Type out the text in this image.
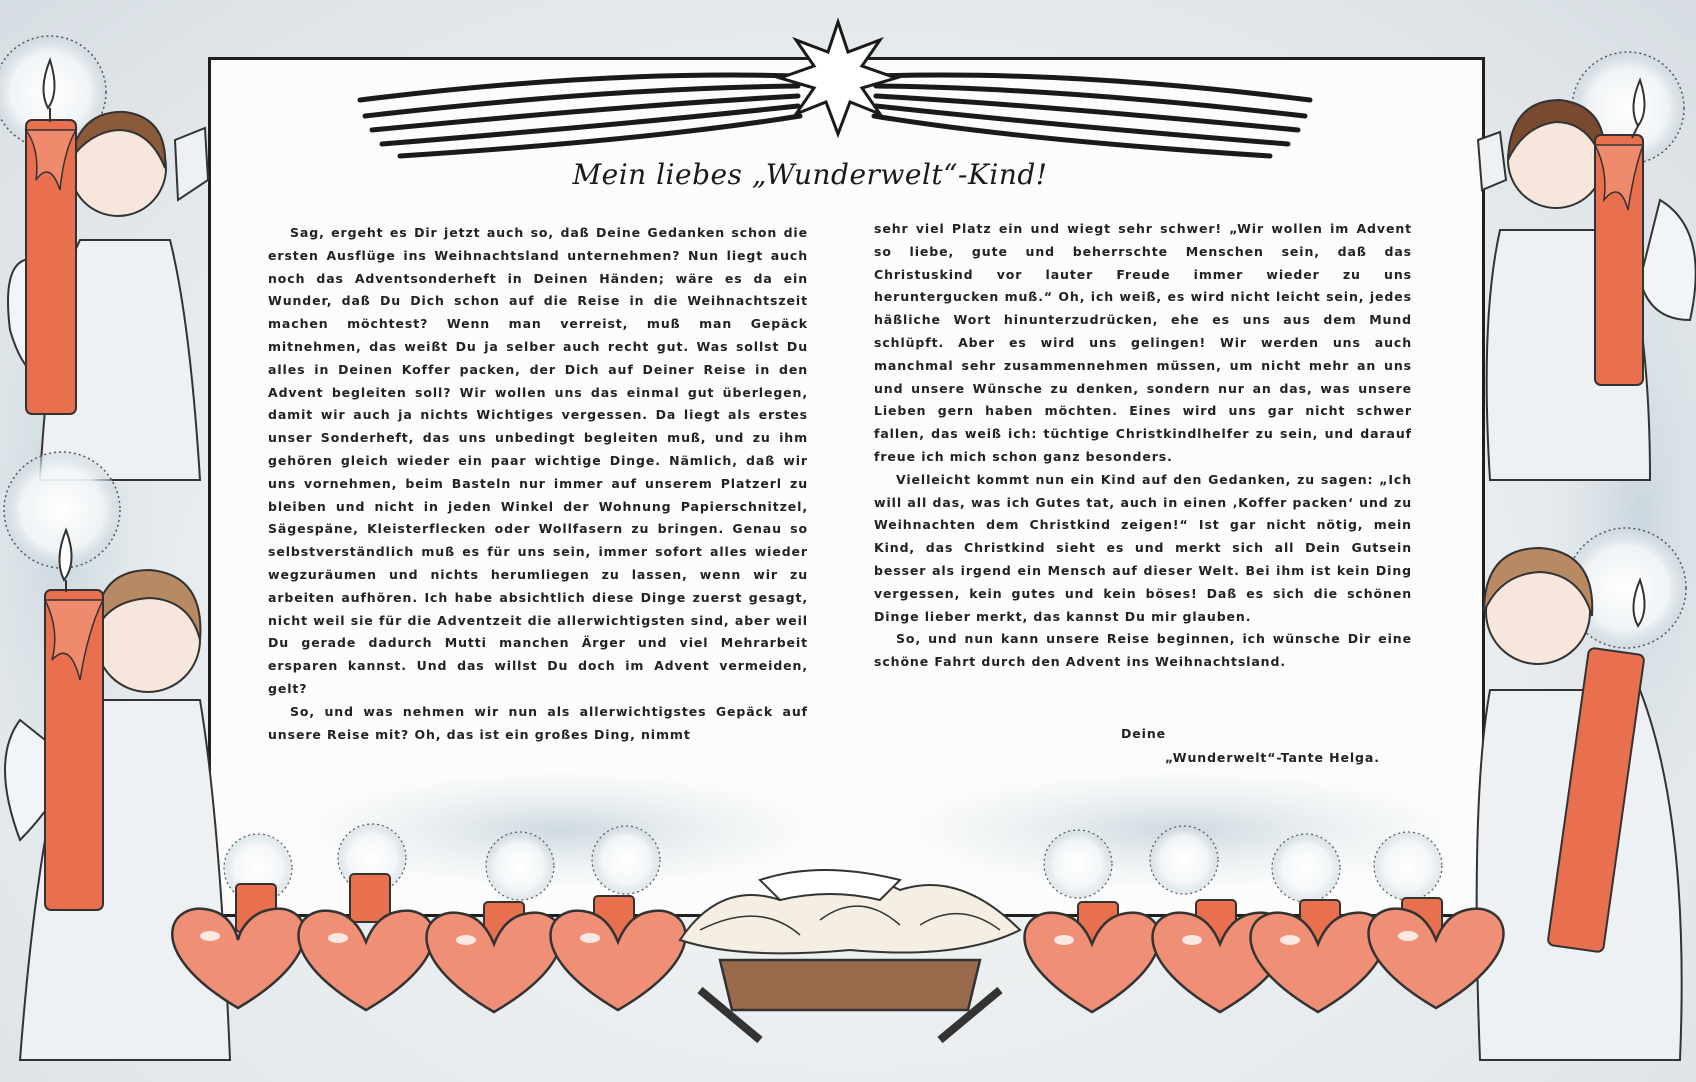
Mein liebes „Wunderwelt“-Kind!

Sag, ergeht es Dir jetzt auch so, daß Deine Gedanken schon die ersten Ausflüge ins Weihnachtsland unternehmen? Nun liegt auch noch das Adventsonderheft in Deinen Händen; wäre es da ein Wunder, daß Du Dich schon auf die Reise in die Weihnachtszeit machen möchtest? Wenn man verreist, muß man Gepäck mitnehmen, das weißt Du ja selber auch recht gut. Was sollst Du alles in Deinen Koffer packen, der Dich auf Deiner Reise in den Advent begleiten soll? Wir wollen uns das einmal gut überlegen, damit wir auch ja nichts Wichtiges vergessen. Da liegt als erstes unser Sonderheft, das uns unbedingt begleiten muß, und zu ihm gehören gleich wieder ein paar wichtige Dinge. Nämlich, daß wir uns vornehmen, beim Basteln nur immer auf unserem Platzerl zu bleiben und nicht in jeden Winkel der Wohnung Papierschnitzel, Sägespäne, Kleisterflecken oder Wollfasern zu bringen. Genau so selbstverständlich muß es für uns sein, immer sofort alles wieder wegzuräumen und nichts herumliegen zu lassen, wenn wir zu arbeiten aufhören. Ich habe absichtlich diese Dinge zuerst gesagt, nicht weil sie für die Adventzeit die allerwichtigsten sind, aber weil Du gerade dadurch Mutti manchen Ärger und viel Mehrarbeit ersparen kannst. Und das willst Du doch im Advent vermeiden, gelt?

So, und was nehmen wir nun als allerwichtigstes Gepäck auf unsere Reise mit? Oh, das ist ein großes Ding, nimmt

sehr viel Platz ein und wiegt sehr schwer! „Wir wollen im Advent so liebe, gute und beherrschte Menschen sein, daß das Christuskind vor lauter Freude immer wieder zu uns heruntergucken muß.“ Oh, ich weiß, es wird nicht leicht sein, jedes häßliche Wort hinunterzudrücken, ehe es uns aus dem Mund schlüpft. Aber es wird uns gelingen! Wir werden uns auch manchmal sehr zusammennehmen müssen, um nicht mehr an uns und unsere Wünsche zu denken, sondern nur an das, was unsere Lieben gern haben möchten. Eines wird uns gar nicht schwer fallen, das weiß ich: tüchtige Christkindlhelfer zu sein, und darauf freue ich mich schon ganz besonders.

Vielleicht kommt nun ein Kind auf den Gedanken, zu sagen: „Ich will all das, was ich Gutes tat, auch in einen ‚Koffer packen‘ und zu Weihnachten dem Christkind zeigen!“ Ist gar nicht nötig, mein Kind, das Christkind sieht es und merkt sich all Dein Gutsein besser als irgend ein Mensch auf dieser Welt. Bei ihm ist kein Ding vergessen, kein gutes und kein böses! Daß es sich die schönen Dinge lieber merkt, das kannst Du mir glauben.

So, und nun kann unsere Reise beginnen, ich wünsche Dir eine schöne Fahrt durch den Advent ins Weihnachtsland.

Deine
„Wunderwelt“-Tante Helga.
